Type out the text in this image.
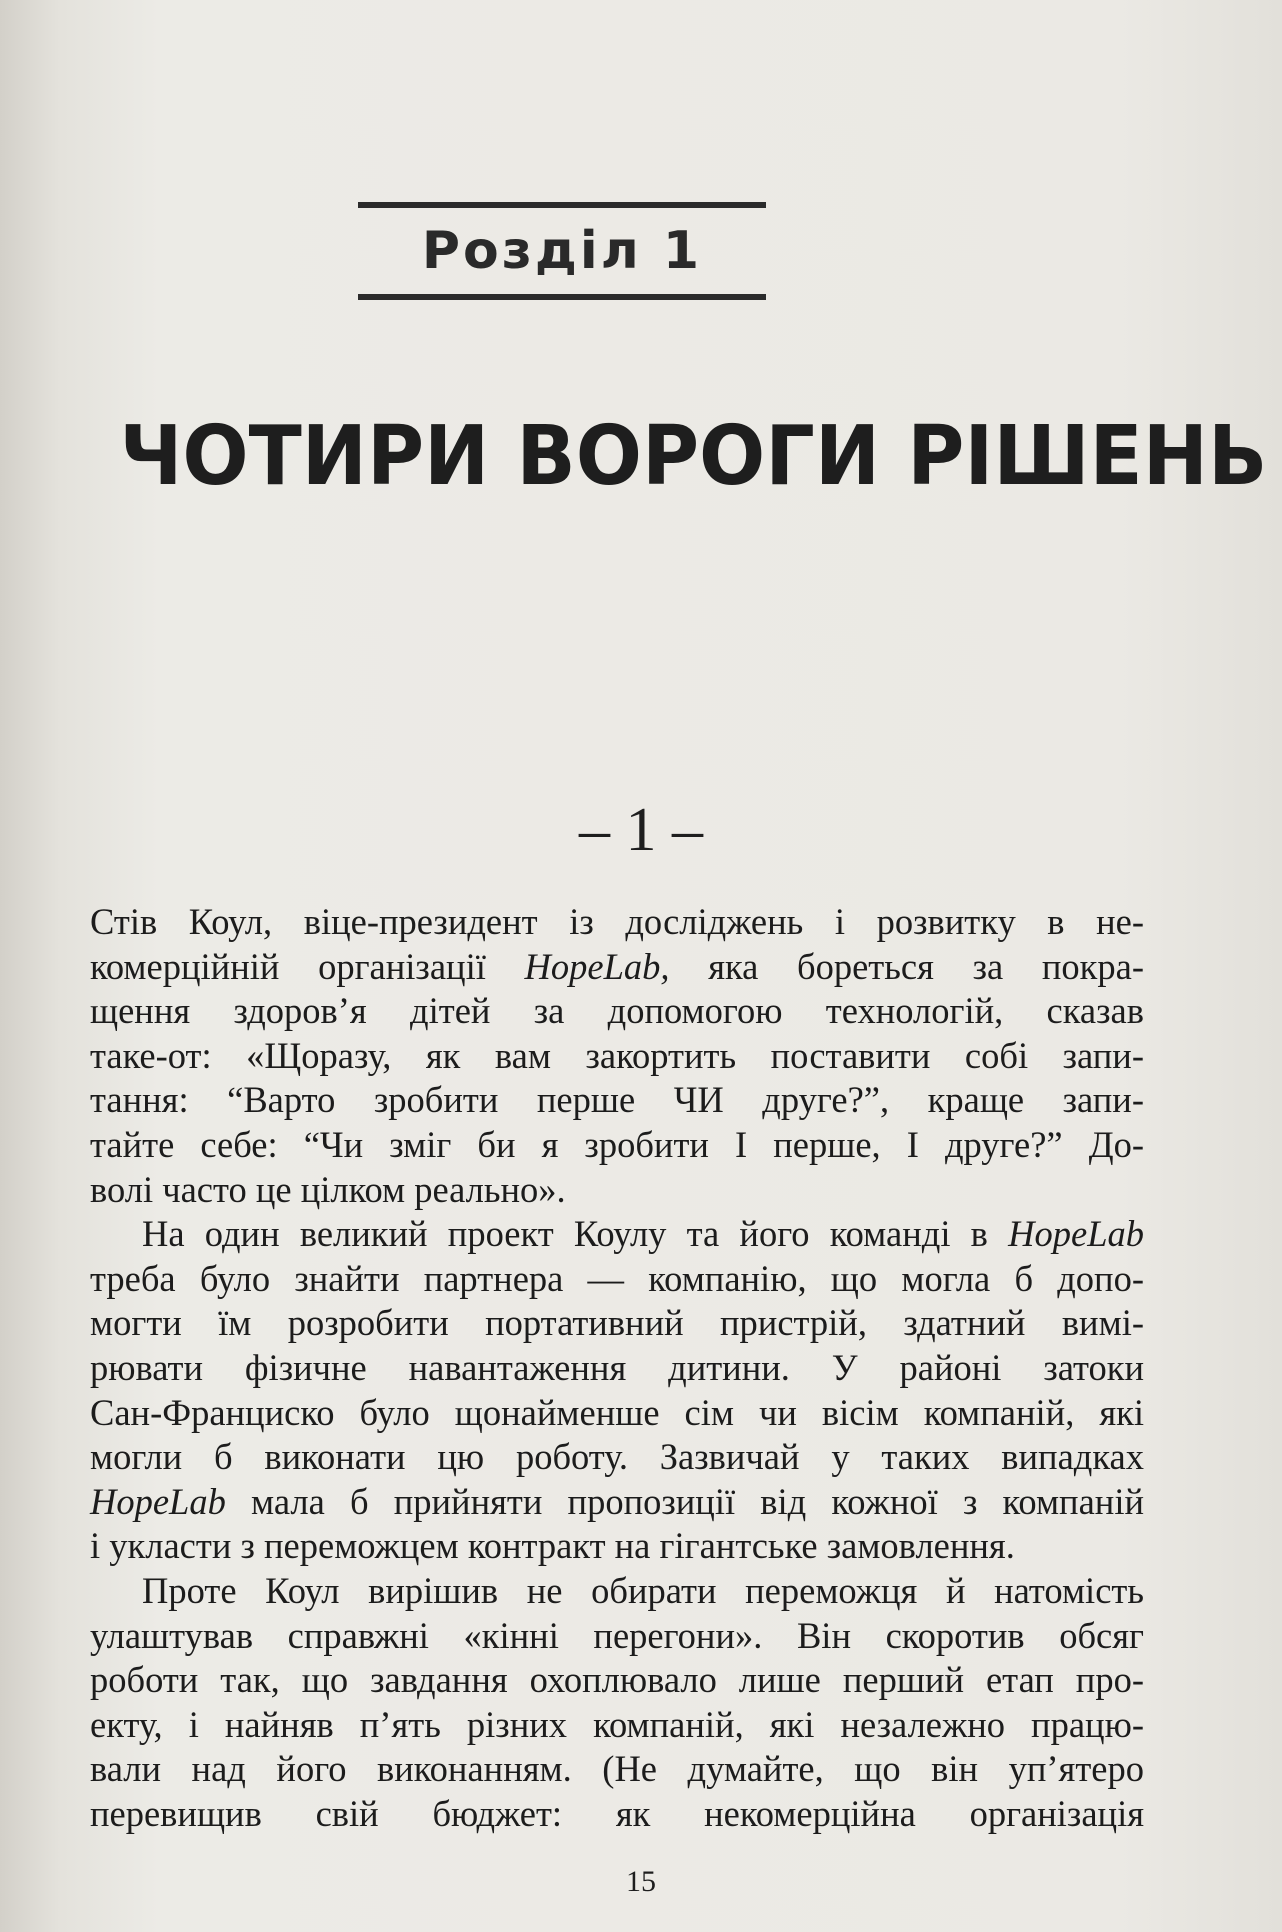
Розділ 1
ЧОТИРИ ВОРОГИ РІШЕНЬ
– 1 –
Стів Коул, віце-президент із досліджень і розвитку в не-
комерційній організації HopeLab, яка бореться за покра-
щення здоров’я дітей за допомогою технологій, сказав
таке-от: «Щоразу, як вам закортить поставити собі запи-
тання: “Варто зробити перше ЧИ друге?”, краще запи-
тайте себе: “Чи зміг би я зробити І перше, І друге?” До-
волі часто це цілком реально».
На один великий проект Коулу та його команді в HopeLab
треба було знайти партнера — компанію, що могла б допо-
могти їм розробити портативний пристрій, здатний вимі-
рювати фізичне навантаження дитини. У районі затоки
Сан-Франциско було щонайменше сім чи вісім компаній, які
могли б виконати цю роботу. Зазвичай у таких випадках
HopeLab мала б прийняти пропозиції від кожної з компаній
і укласти з переможцем контракт на гігантське замовлення.
Проте Коул вирішив не обирати переможця й натомість
улаштував справжні «кінні перегони». Він скоротив обсяг
роботи так, що завдання охоплювало лише перший етап про-
екту, і найняв п’ять різних компаній, які незалежно працю-
вали над його виконанням. (Не думайте, що він уп’ятеро
перевищив свій бюджет: як некомерційна організація
15
